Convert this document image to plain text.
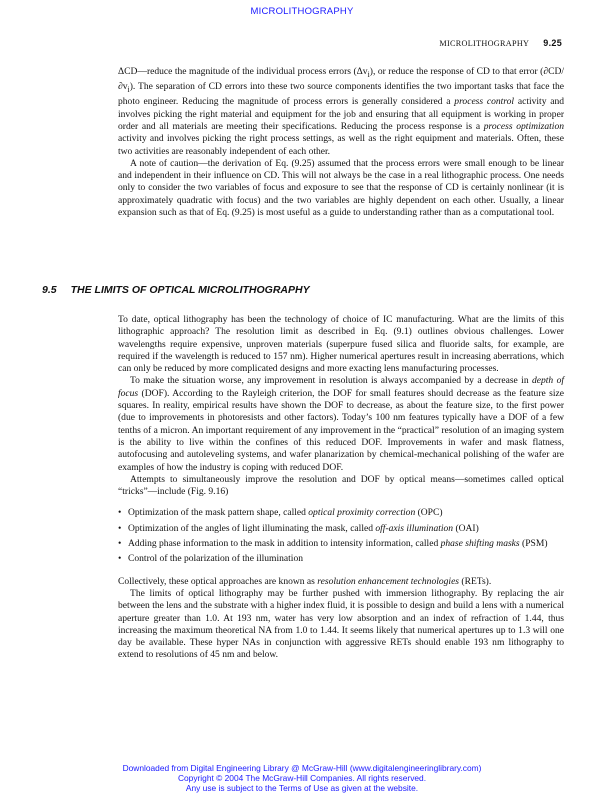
MICROLITHOGRAPHY
MICROLITHOGRAPHY 9.25

ΔCD—reduce the magnitude of the individual process errors $(\Delta v_i)$, or reduce the response of CD to that error $(\partial CD/\partial v_i)$. The separation of CD errors into these two source components identifies the two important tasks that face the photo engineer. Reducing the magnitude of process errors is generally considered a process control activity and involves picking the right material and equipment for the job and ensuring that all equipment is working in proper order and all materials are meeting their specifications. Reducing the process response is a process optimization activity and involves picking the right process settings, as well as the right equipment and materials. Often, these two activities are reasonably independent of each other.

A note of caution—the derivation of Eq. (9.25) assumed that the process errors were small enough to be linear and independent in their influence on CD. This will not always be the case in a real lithographic process. One needs only to consider the two variables of focus and exposure to see that the response of CD is certainly nonlinear (it is approximately quadratic with focus) and the two variables are highly dependent on each other. Usually, a linear expansion such as that of Eq. (9.25) is most useful as a guide to understanding rather than as a computational tool.

9.5 THE LIMITS OF OPTICAL MICROLITHOGRAPHY

To date, optical lithography has been the technology of choice of IC manufacturing. What are the limits of this lithographic approach? The resolution limit as described in Eq. (9.1) outlines obvious challenges. Lower wavelengths require expensive, unproven materials (superpure fused silica and fluoride salts, for example, are required if the wavelength is reduced to 157 nm). Higher numerical apertures result in increasing aberrations, which can only be reduced by more complicated designs and more exacting lens manufacturing processes.

To make the situation worse, any improvement in resolution is always accompanied by a decrease in depth of focus (DOF). According to the Rayleigh criterion, the DOF for small features should decrease as the feature size squares. In reality, empirical results have shown the DOF to decrease, as about the feature size, to the first power (due to improvements in photoresists and other factors). Today’s 100 nm features typically have a DOF of a few tenths of a micron. An important requirement of any improvement in the “practical” resolution of an imaging system is the ability to live within the confines of this reduced DOF. Improvements in wafer and mask flatness, autofocusing and autoleveling systems, and wafer planarization by chemical-mechanical polishing of the wafer are examples of how the industry is coping with reduced DOF.

Attempts to simultaneously improve the resolution and DOF by optical means—sometimes called optical “tricks”—include (Fig. 9.16)

• Optimization of the mask pattern shape, called optical proximity correction (OPC)
• Optimization of the angles of light illuminating the mask, called off-axis illumination (OAI)
• Adding phase information to the mask in addition to intensity information, called phase shifting masks (PSM)
• Control of the polarization of the illumination

Collectively, these optical approaches are known as resolution enhancement technologies (RETs).

The limits of optical lithography may be further pushed with immersion lithography. By replacing the air between the lens and the substrate with a higher index fluid, it is possible to design and build a lens with a numerical aperture greater than 1.0. At 193 nm, water has very low absorption and an index of refraction of 1.44, thus increasing the maximum theoretical NA from 1.0 to 1.44. It seems likely that numerical apertures up to 1.3 will one day be available. These hyper NAs in conjunction with aggressive RETs should enable 193 nm lithography to extend to resolutions of 45 nm and below.

Downloaded from Digital Engineering Library @ McGraw-Hill (www.digitalengineeringlibrary.com)
Copyright © 2004 The McGraw-Hill Companies. All rights reserved.
Any use is subject to the Terms of Use as given at the website.
